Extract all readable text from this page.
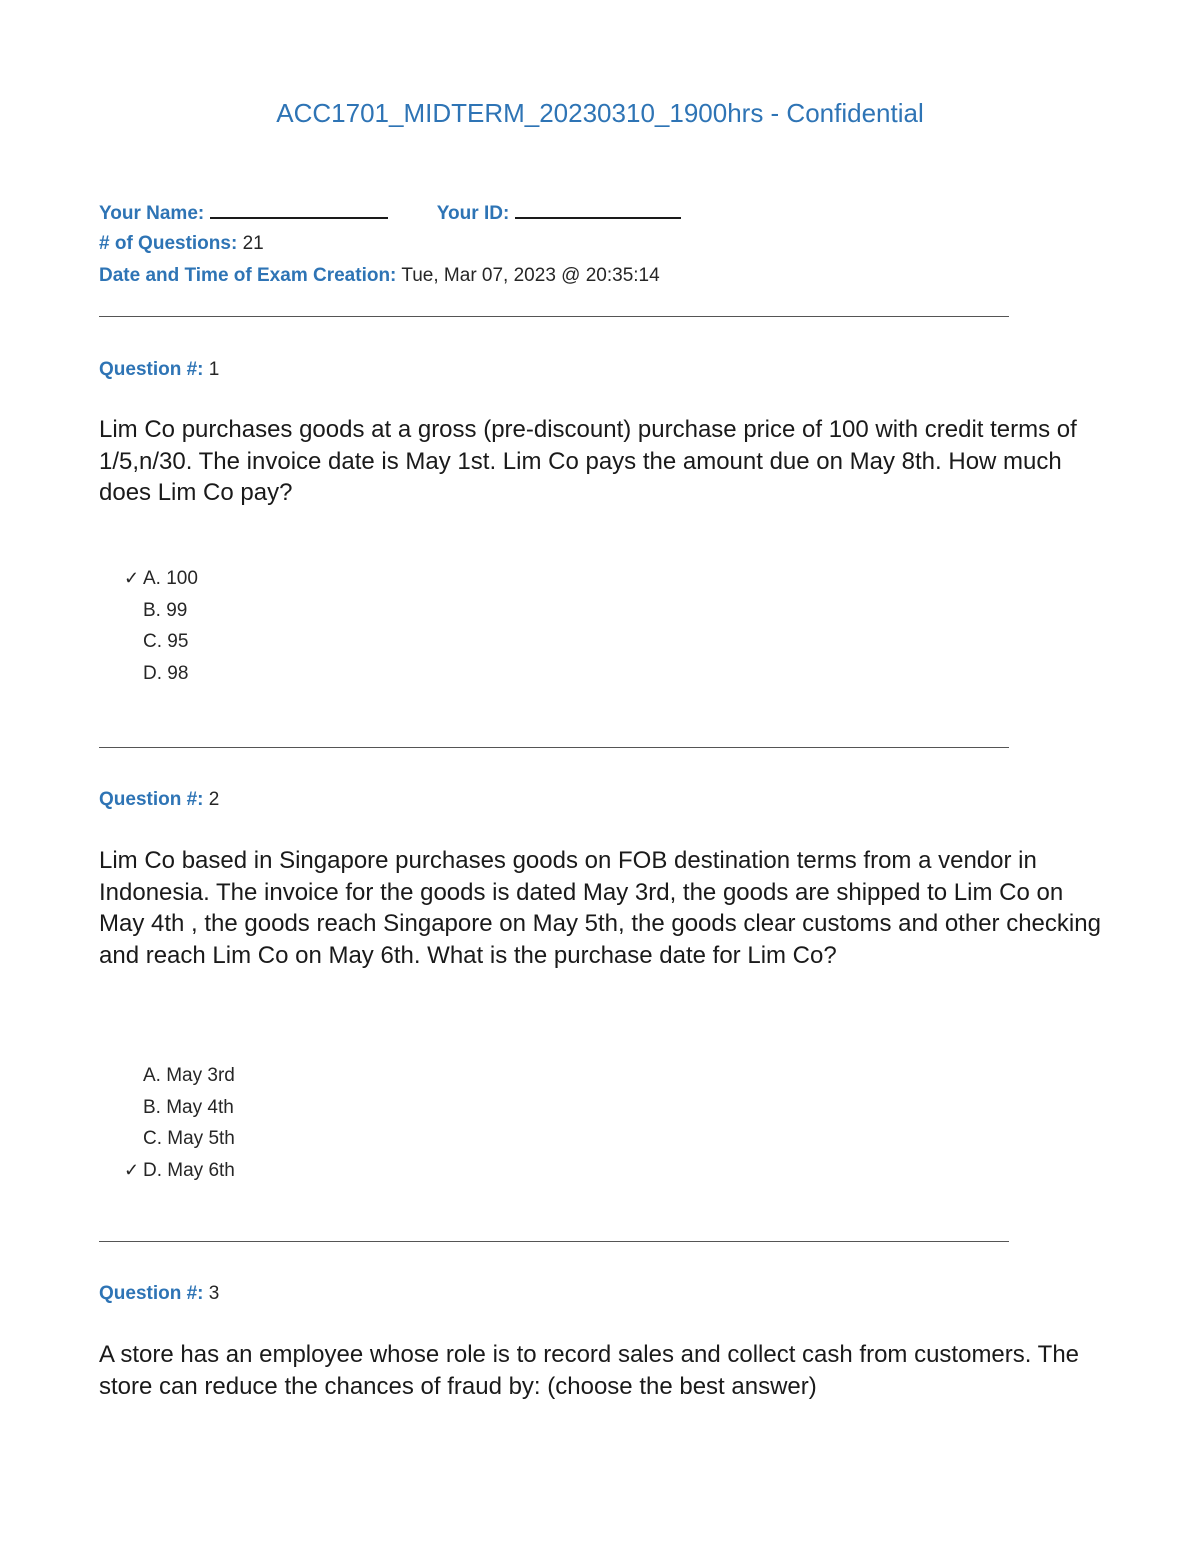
ACC1701_MIDTERM_20230310_1900hrs - Confidential
Your Name:	Your ID:
# of Questions: 21
Date and Time of Exam Creation: Tue, Mar 07, 2023 @ 20:35:14
Question #: 1
Lim Co purchases goods at a gross (pre-discount) purchase price of 100 with credit terms of 1/5,n/30. The invoice date is May 1st. Lim Co pays the amount due on May 8th. How much does Lim Co pay?
✓ A. 100
B. 99
C. 95
D. 98
Question #: 2
Lim Co based in Singapore purchases goods on FOB destination terms from a vendor in Indonesia. The invoice for the goods is dated May 3rd, the goods are shipped to Lim Co on May 4th , the goods reach Singapore on May 5th, the goods clear customs and other checking and reach Lim Co on May 6th. What is the purchase date for Lim Co?
A. May 3rd
B. May 4th
C. May 5th
✓ D. May 6th
Question #: 3
A store has an employee whose role is to record sales and collect cash from customers. The store can reduce the chances of fraud by: (choose the best answer)
